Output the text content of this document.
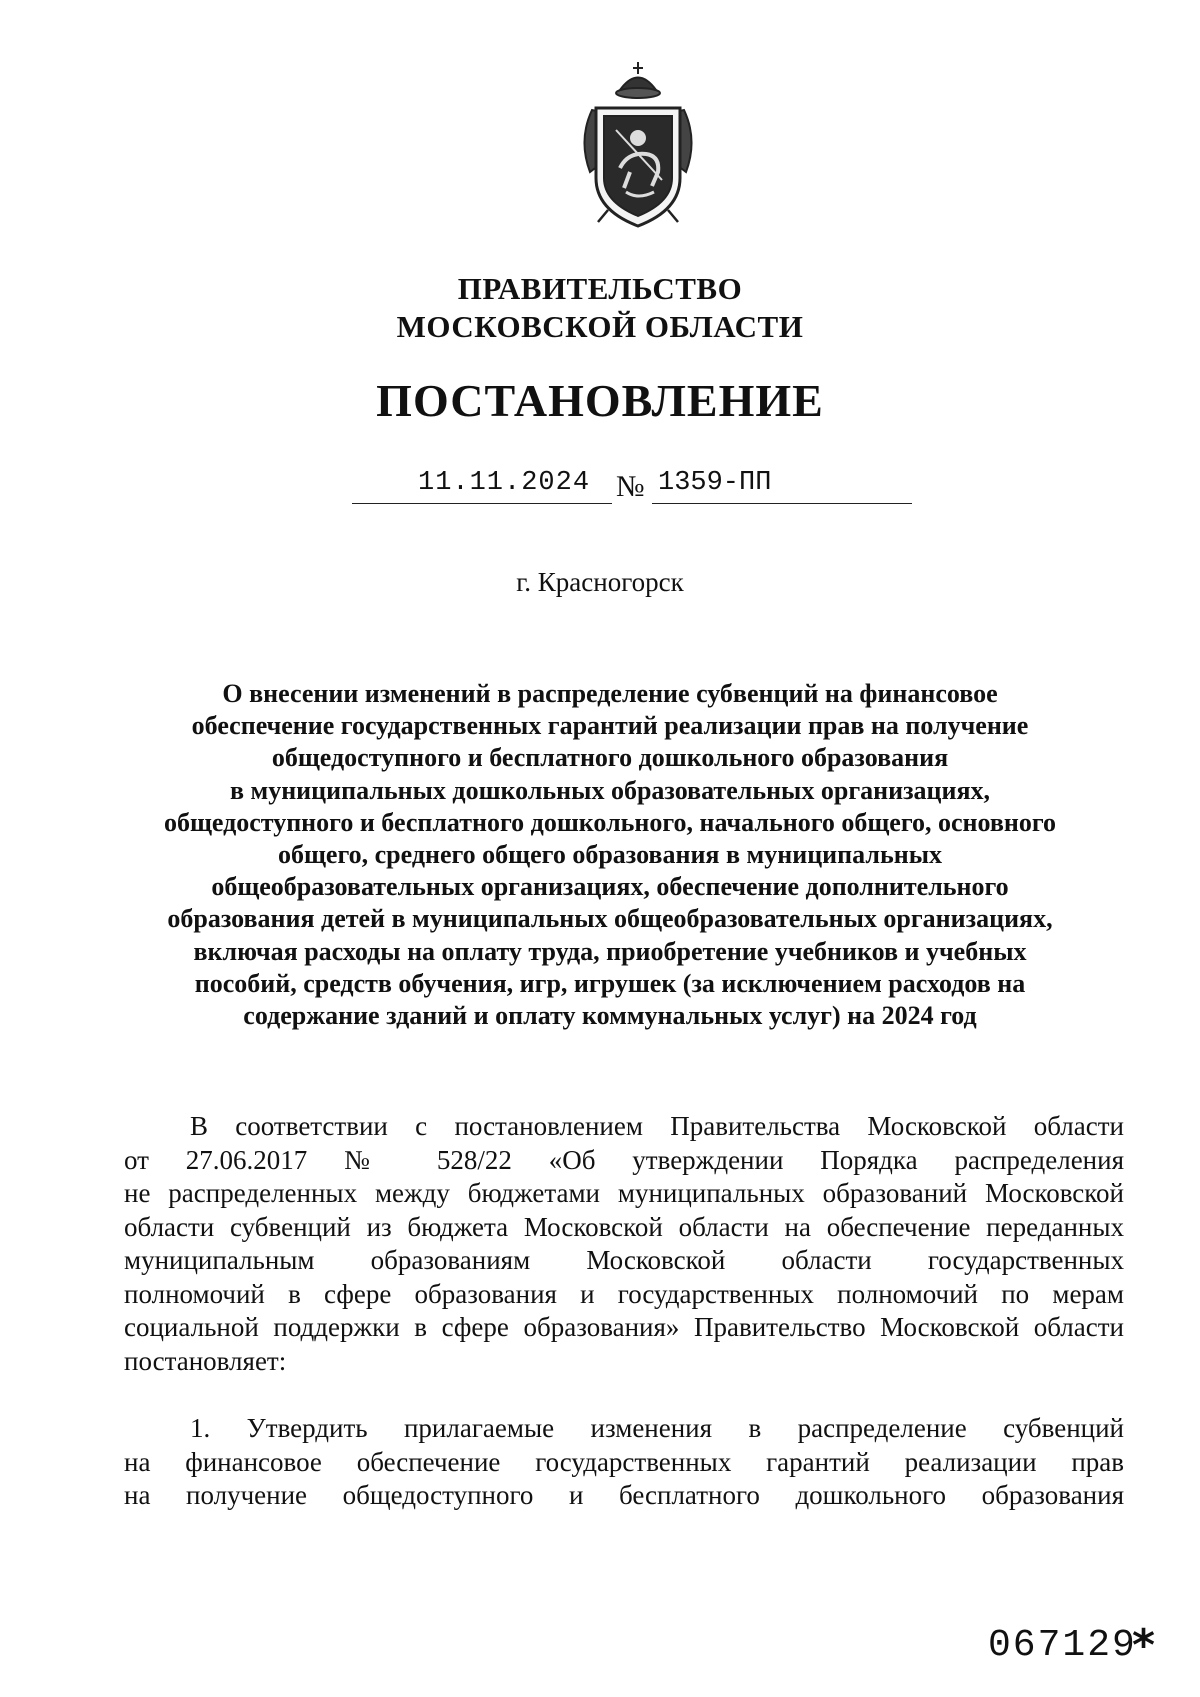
ПРАВИТЕЛЬСТВО
МОСКОВСКОЙ ОБЛАСТИ
ПОСТАНОВЛЕНИЕ
11.11.2024 № 1359-ПП
г. Красногорск
О внесении изменений в распределение субвенций на финансовое
обеспечение государственных гарантий реализации прав на получение
общедоступного и бесплатного дошкольного образования
в муниципальных дошкольных образовательных организациях,
общедоступного и бесплатного дошкольного, начального общего, основного
общего, среднего общего образования в муниципальных
общеобразовательных организациях, обеспечение дополнительного
образования детей в муниципальных общеобразовательных организациях,
включая расходы на оплату труда, приобретение учебников и учебных
пособий, средств обучения, игр, игрушек (за исключением расходов на
содержание зданий и оплату коммунальных услуг) на 2024 год
В соответствии с постановлением Правительства Московской области
от 27.06.2017 № 528/22 «Об утверждении Порядка распределения
не распределенных между бюджетами муниципальных образований Московской
области субвенций из бюджета Московской области на обеспечение переданных
муниципальным образованиям Московской области государственных
полномочий в сфере образования и государственных полномочий по мерам
социальной поддержки в сфере образования» Правительство Московской области
постановляет:
1. Утвердить прилагаемые изменения в распределение субвенций
на финансовое обеспечение государственных гарантий реализации прав
на получение общедоступного и бесплатного дошкольного образования
067129
*
